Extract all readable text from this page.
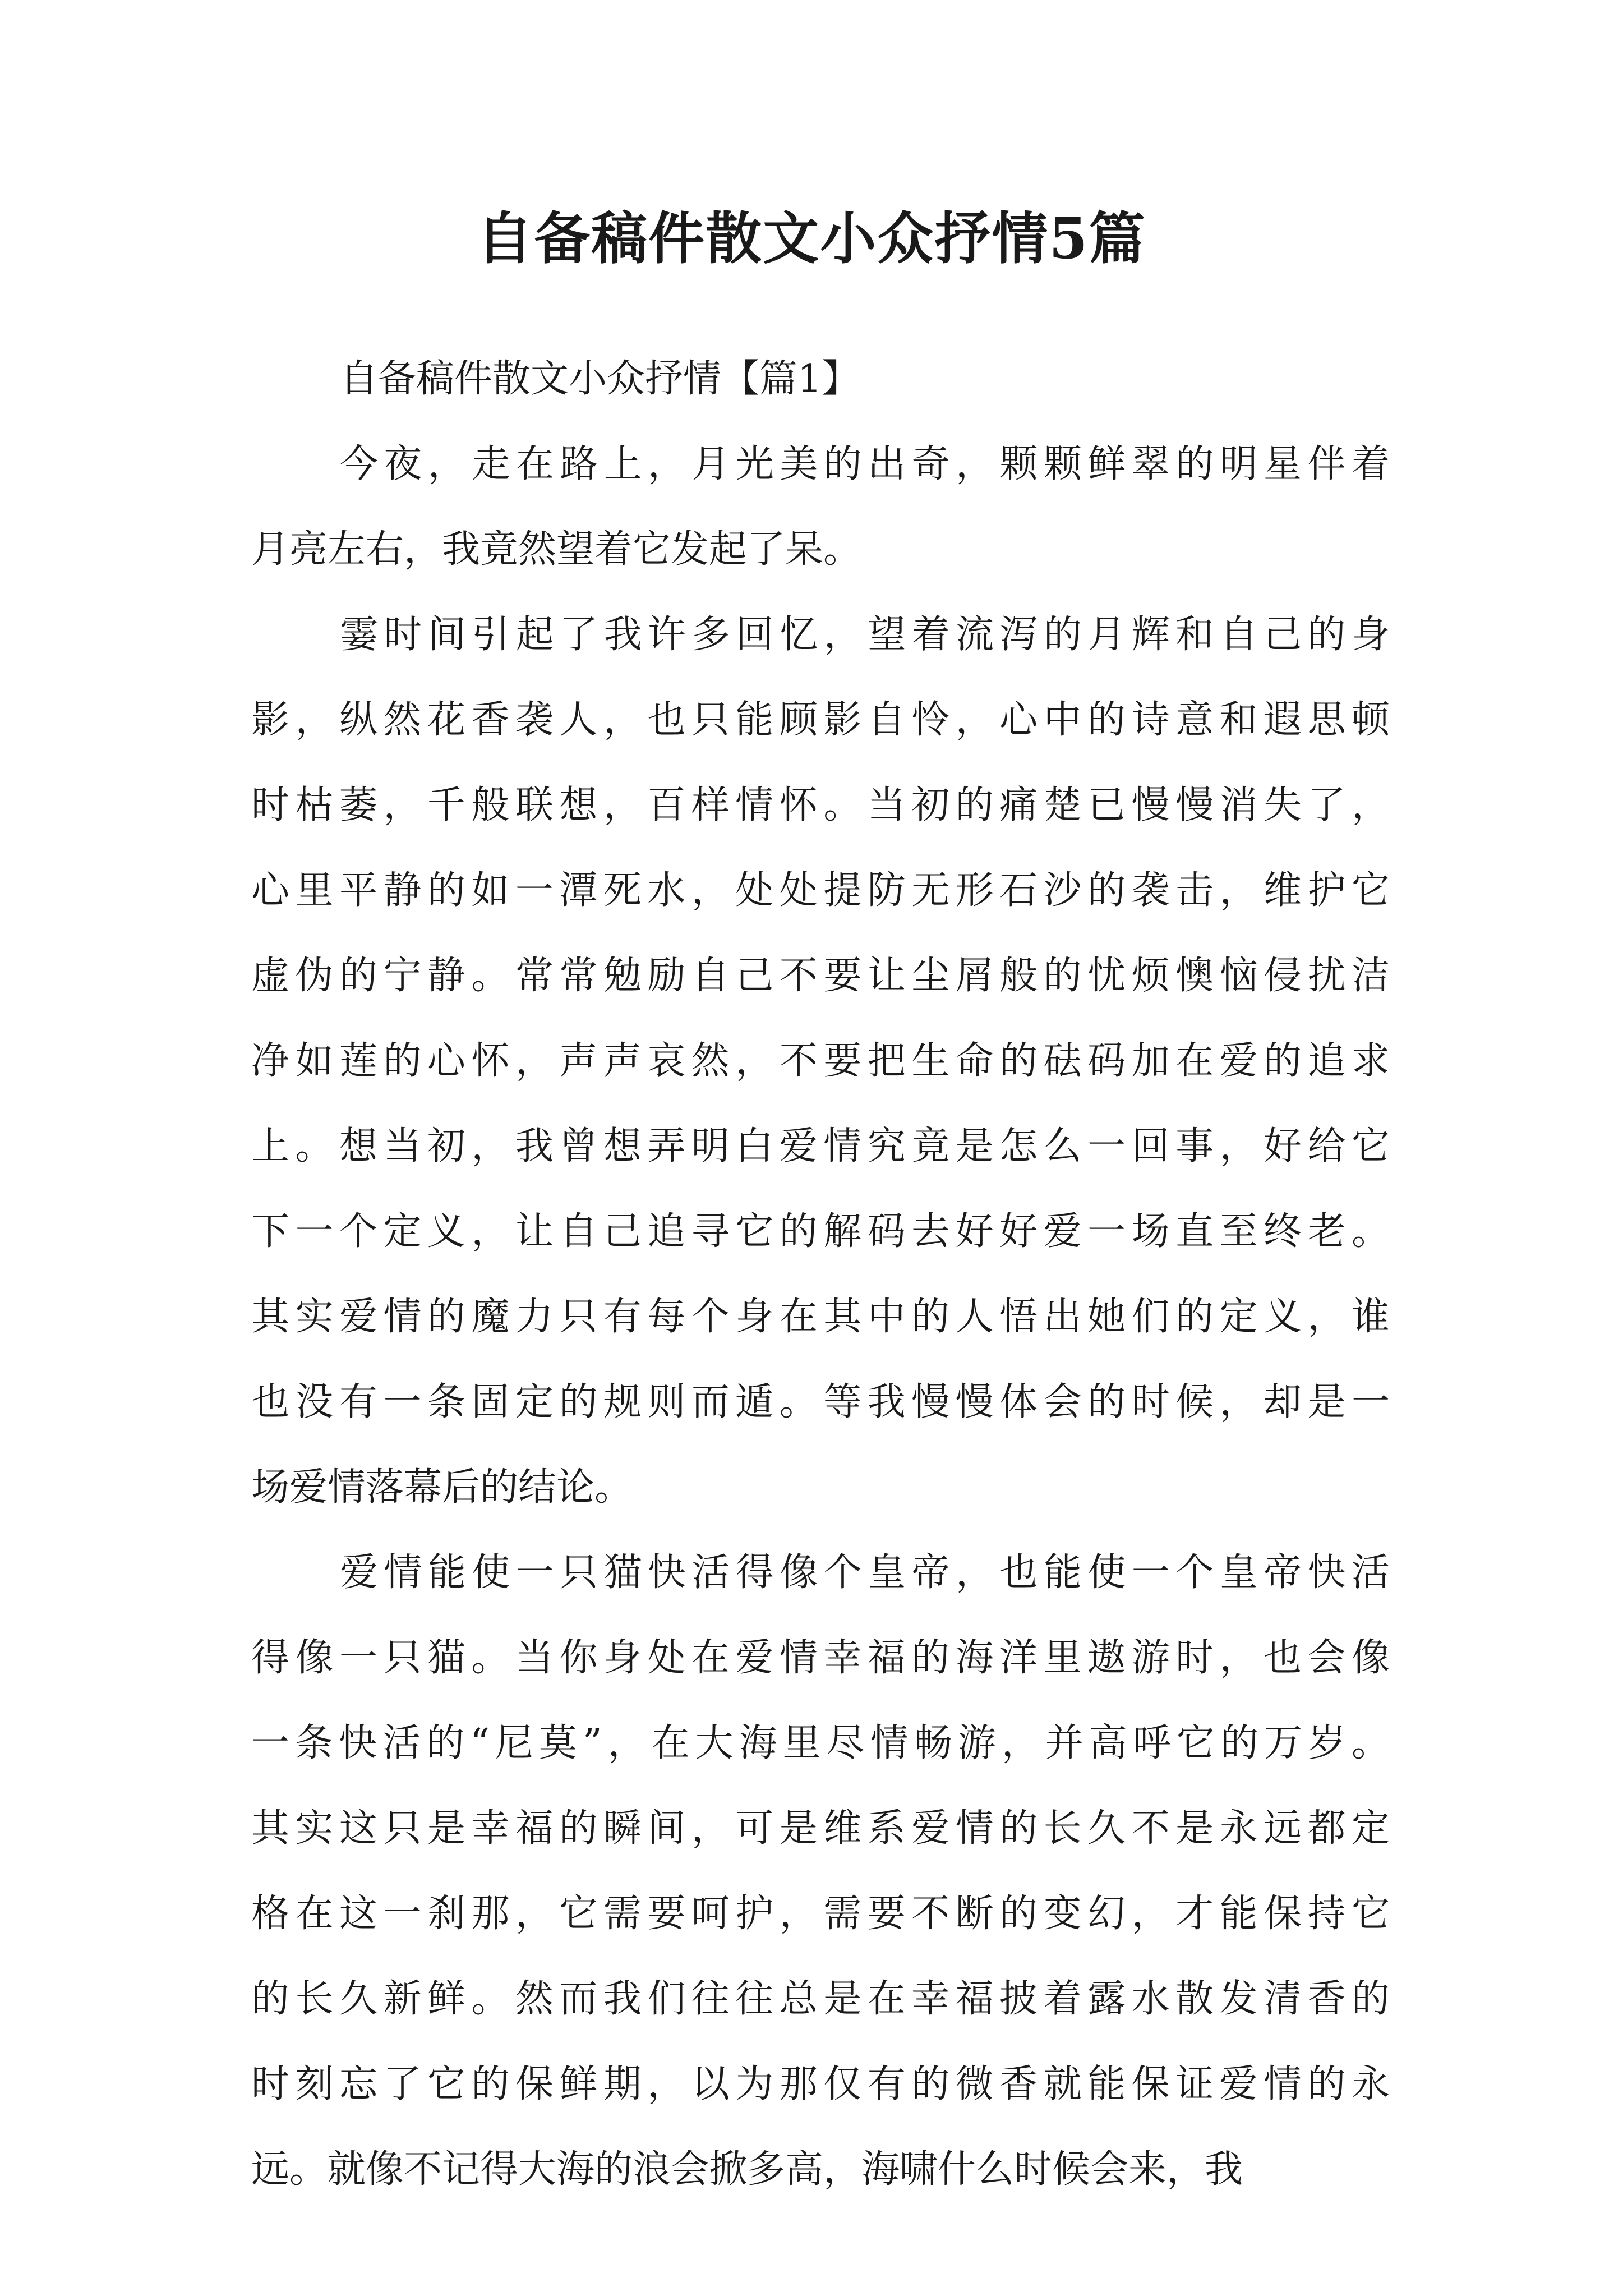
自备稿件散文小众抒情5篇
自备稿件散文小众抒情【篇1】
今夜，走在路上，月光美的出奇，颗颗鲜翠的明星伴着
月亮左右，我竟然望着它发起了呆。
霎时间引起了我许多回忆，望着流泻的月辉和自己的身
影，纵然花香袭人，也只能顾影自怜，心中的诗意和遐思顿
时枯萎，千般联想，百样情怀。当初的痛楚已慢慢消失了，
心里平静的如一潭死水，处处提防无形石沙的袭击，维护它
虚伪的宁静。常常勉励自己不要让尘屑般的忧烦懊恼侵扰洁
净如莲的心怀，声声哀然，不要把生命的砝码加在爱的追求
上。想当初，我曾想弄明白爱情究竟是怎么一回事，好给它
下一个定义，让自己追寻它的解码去好好爱一场直至终老。
其实爱情的魔力只有每个身在其中的人悟出她们的定义，谁
也没有一条固定的规则而遁。等我慢慢体会的时候，却是一
场爱情落幕后的结论。
爱情能使一只猫快活得像个皇帝，也能使一个皇帝快活
得像一只猫。当你身处在爱情幸福的海洋里遨游时，也会像
一条快活的“尼莫”，在大海里尽情畅游，并高呼它的万岁。
其实这只是幸福的瞬间，可是维系爱情的长久不是永远都定
格在这一刹那，它需要呵护，需要不断的变幻，才能保持它
的长久新鲜。然而我们往往总是在幸福披着露水散发清香的
时刻忘了它的保鲜期，以为那仅有的微香就能保证爱情的永
远。就像不记得大海的浪会掀多高，海啸什么时候会来，我
